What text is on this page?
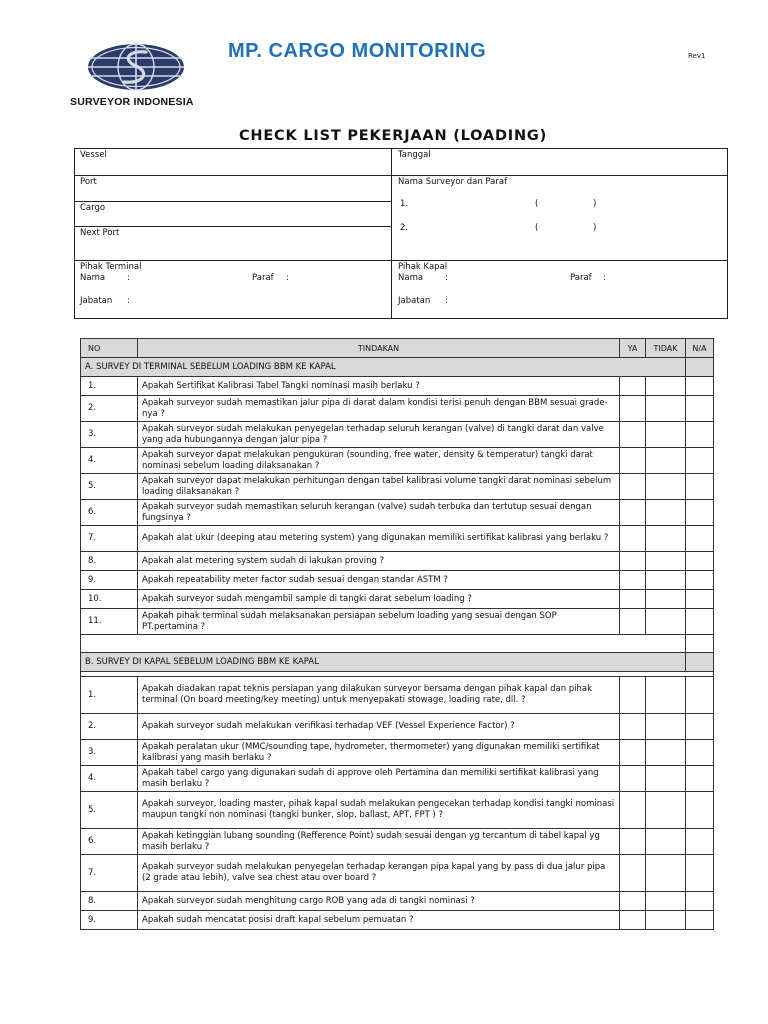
SURVEYOR INDONESIA
MP. CARGO MONITORING	Rev1
CHECK LIST PEKERJAAN (LOADING)
Vessel	Tanggal
Port	Nama Surveyor dan Paraf
Cargo	1.	(	)
Next Port	2.	(	)
Pihak Terminal
Nama	:	Paraf :
Jabatan :
Pihak Kapal
Nama	:	Paraf :
Jabatan :
NO	TINDAKAN	YA	TIDAK	N/A
A. SURVEY DI TERMINAL SEBELUM LOADING BBM KE KAPAL				
1.	Apakah Sertifikat Kalibrasi Tabel Tangki nominasi masih berlaku ?			
2.	Apakah surveyor sudah memastikan jalur pipa di darat dalam kondisi terisi penuh dengan BBM sesuai grade-nya ?			
3.	Apakah surveyor sudah melakukan penyegelan terhadap seluruh kerangan (valve) di tangki darat dan valve yang ada hubungannya dengan jalur pipa ?			
4.	Apakah surveyor dapat melakukan pengukuran (sounding, free water, density & temperatur) tangki darat nominasi sebelum loading dilaksanakan ?			
5.	Apakah surveyor dapat melakukan perhitungan dengan tabel kalibrasi volume tangki darat nominasi sebelum loading dilaksanakan ?			
6.	Apakah surveyor sudah memastikan seluruh kerangan (valve) sudah terbuka dan tertutup sesuai dengan fungsinya ?			
7.	Apakah alat ukur (deeping atau metering system) yang digunakan memiliki sertifikat kalibrasi yang berlaku ?			
8.	Apakah alat metering system sudah di lakukan proving ?			
9.	Apakah repeatability meter factor sudah sesuai dengan standar ASTM ?			
10.	Apakah surveyor sudah mengambil sample di tangki darat sebelum loading ?			
11.	Apakah pihak terminal sudah melaksanakan persiapan sebelum loading yang sesuai dengan SOP PT.pertamina ?			

B. SURVEY DI KAPAL SEBELUM LOADING BBM KE KAPAL				

1.	Apakah diadakan rapat teknis persiapan yang dilakukan surveyor bersama dengan pihak kapal dan pihak terminal (On board meeting/key meeting) untuk menyepakati stowage, loading rate, dll. ?			
2.	Apakah surveyor sudah melakukan verifikasi terhadap VEF (Vessel Experience Factor) ?			
3.	Apakah peralatan ukur (MMC/sounding tape, hydrometer, thermometer) yang digunakan memiliki sertifikat kalibrasi yang masih berlaku ?			
4.	Apakah tabel cargo yang digunakan sudah di approve oleh Pertamina dan memiliki sertifikat kalibrasi yang masih berlaku ?			
5.	Apakah surveyor, loading master, pihak kapal sudah melakukan pengecekan terhadap kondisi tangki nominasi maupun tangki non nominasi (tangki bunker, slop, ballast, APT, FPT ) ?			
6.	Apakah ketinggian lubang sounding (Refference Point) sudah sesuai dengan yg tercantum di tabel kapal yg masih berlaku ?			
7.	Apakah surveyor sudah melakukan penyegelan terhadap kerangan pipa kapal yang by pass di dua jalur pipa (2 grade atau lebih), valve sea chest atau over board ?			
8.	Apakah surveyor sudah menghitung cargo ROB yang ada di tangki nominasi ?			
9.	Apakah sudah mencatat posisi draft kapal sebelum pemuatan ?			
